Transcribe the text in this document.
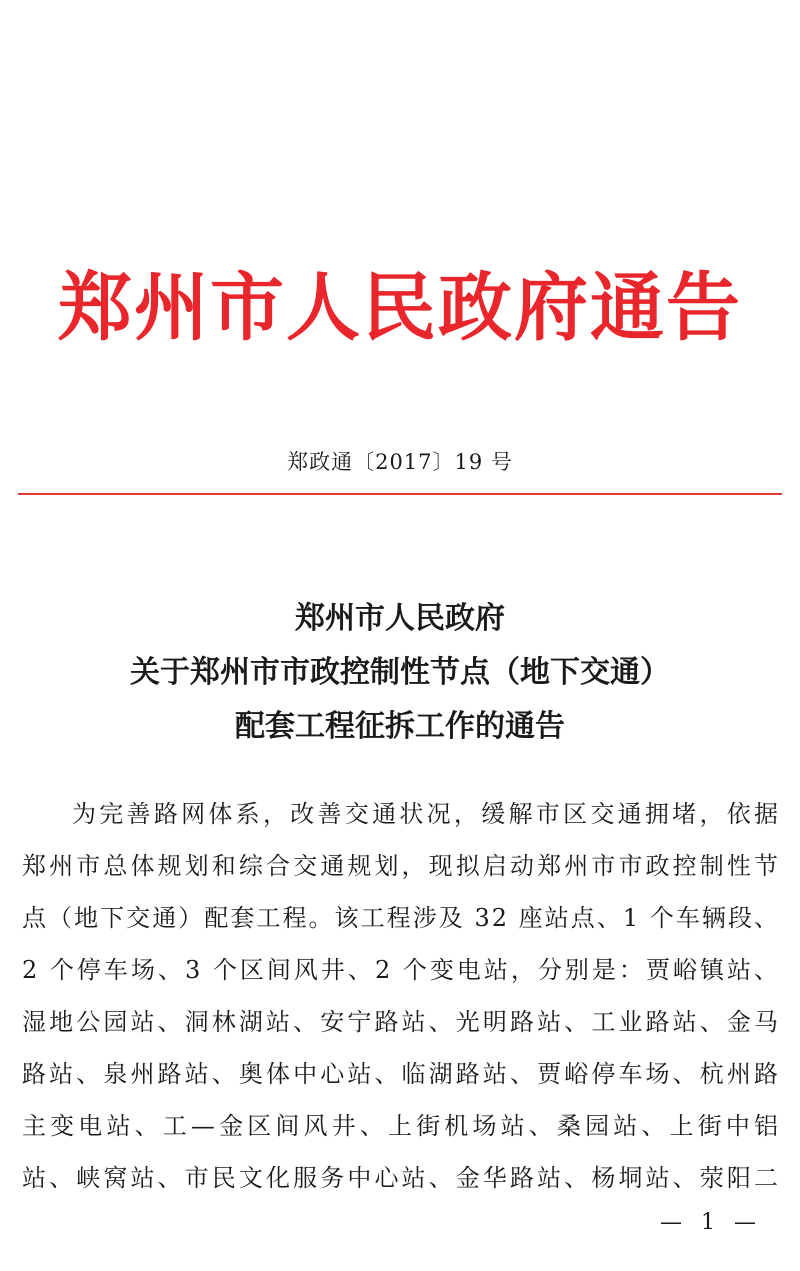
郑州市人民政府通告
郑政通〔2017〕19 号
郑州市人民政府
关于郑州市市政控制性节点（地下交通）
配套工程征拆工作的通告
为完善路网体系，改善交通状况，缓解市区交通拥堵，依据
郑州市总体规划和综合交通规划，现拟启动郑州市市政控制性节
点（地下交通）配套工程。该工程涉及 32 座站点、1 个车辆段、
2 个停车场、3 个区间风井、2 个变电站，分别是：贾峪镇站、
湿地公园站、洞林湖站、安宁路站、光明路站、工业路站、金马
路站、泉州路站、奥体中心站、临湖路站、贾峪停车场、杭州路
主变电站、工—金区间风井、上街机场站、桑园站、上街中铝
站、峡窝站、市民文化服务中心站、金华路站、杨垌站、荥阳二
— 1 —
